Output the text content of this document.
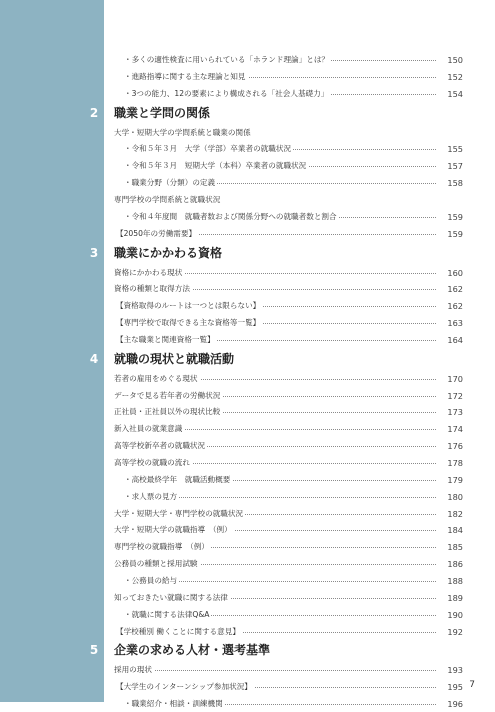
・多くの適性検査に用いられている「ホランド理論」とは？	150
・進路指導に関する主な理論と知見	152
・3つの能力、12の要素により構成される「社会人基礎力」	154
2 職業と学問の関係
大学・短期大学の学問系統と職業の関係
・令和５年３月　大学（学部）卒業者の就職状況	155
・令和５年３月　短期大学（本科）卒業者の就職状況	157
・職業分野（分類）の定義	158
専門学校の学問系統と就職状況
・令和４年度間　就職者数および関係分野への就職者数と割合	159
【2050年の労働需要】	159
3 職業にかかわる資格
資格にかかわる現状	160
資格の種類と取得方法	162
【資格取得のルートは一つとは限らない】	162
【専門学校で取得できる主な資格等一覧】	163
【主な職業と関連資格一覧】	164
4 就職の現状と就職活動
若者の雇用をめぐる現状	170
データで見る若年者の労働状況	172
正社員・正社員以外の現状比較	173
新入社員の就業意識	174
高等学校新卒者の就職状況	176
高等学校の就職の流れ	178
・高校最終学年　就職活動概要	179
・求人票の見方	180
大学・短期大学・専門学校の就職状況	182
大学・短期大学の就職指導　（例）	184
専門学校の就職指導　（例）	185
公務員の種類と採用試験	186
・公務員の給与	188
知っておきたい就職に関する法律	189
・就職に関する法律Q&A	190
【学校種別 働くことに関する意見】	192
5 企業の求める人材・選考基準
採用の現状	193
【大学生のインターンシップ参加状況】	195
・職業紹介・相談・訓練機関	196
7
